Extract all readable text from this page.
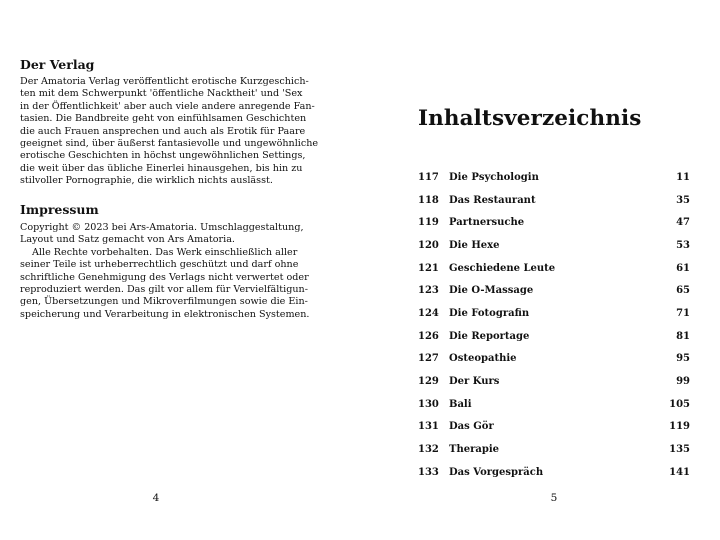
Der Verlag
Der Amatoria Verlag veröffentlicht erotische Kurzgeschich-
ten mit dem Schwerpunkt 'öffentliche Nacktheit' und 'Sex
in der Öffentlichkeit' aber auch viele andere anregende Fan-
tasien. Die Bandbreite geht von einfühlsamen Geschichten
die auch Frauen ansprechen und auch als Erotik für Paare
geeignet sind, über äußerst fantasievolle und ungewöhnliche
erotische Geschichten in höchst ungewöhnlichen Settings,
die weit über das übliche Einerlei hinausgehen, bis hin zu
stilvoller Pornographie, die wirklich nichts auslässt.
Impressum
Copyright © 2023 bei Ars-Amatoria. Umschlaggestaltung,
Layout und Satz gemacht von Ars Amatoria.
Alle Rechte vorbehalten. Das Werk einschließlich aller
seiner Teile ist urheberrechtlich geschützt und darf ohne
schriftliche Genehmigung des Verlags nicht verwertet oder
reproduziert werden. Das gilt vor allem für Vervielfältigun-
gen, Übersetzungen und Mikroverfilmungen sowie die Ein-
speicherung und Verarbeitung in elektronischen Systemen.
4
Inhaltsverzeichnis
117	Die Psychologin	11
118	Das Restaurant	35
119	Partnersuche	47
120	Die Hexe	53
121	Geschiedene Leute	61
123	Die O-Massage	65
124	Die Fotografin	71
126	Die Reportage	81
127	Osteopathie	95
129	Der Kurs	99
130	Bali	105
131	Das Gör	119
132	Therapie	135
133	Das Vorgespräch	141
5
